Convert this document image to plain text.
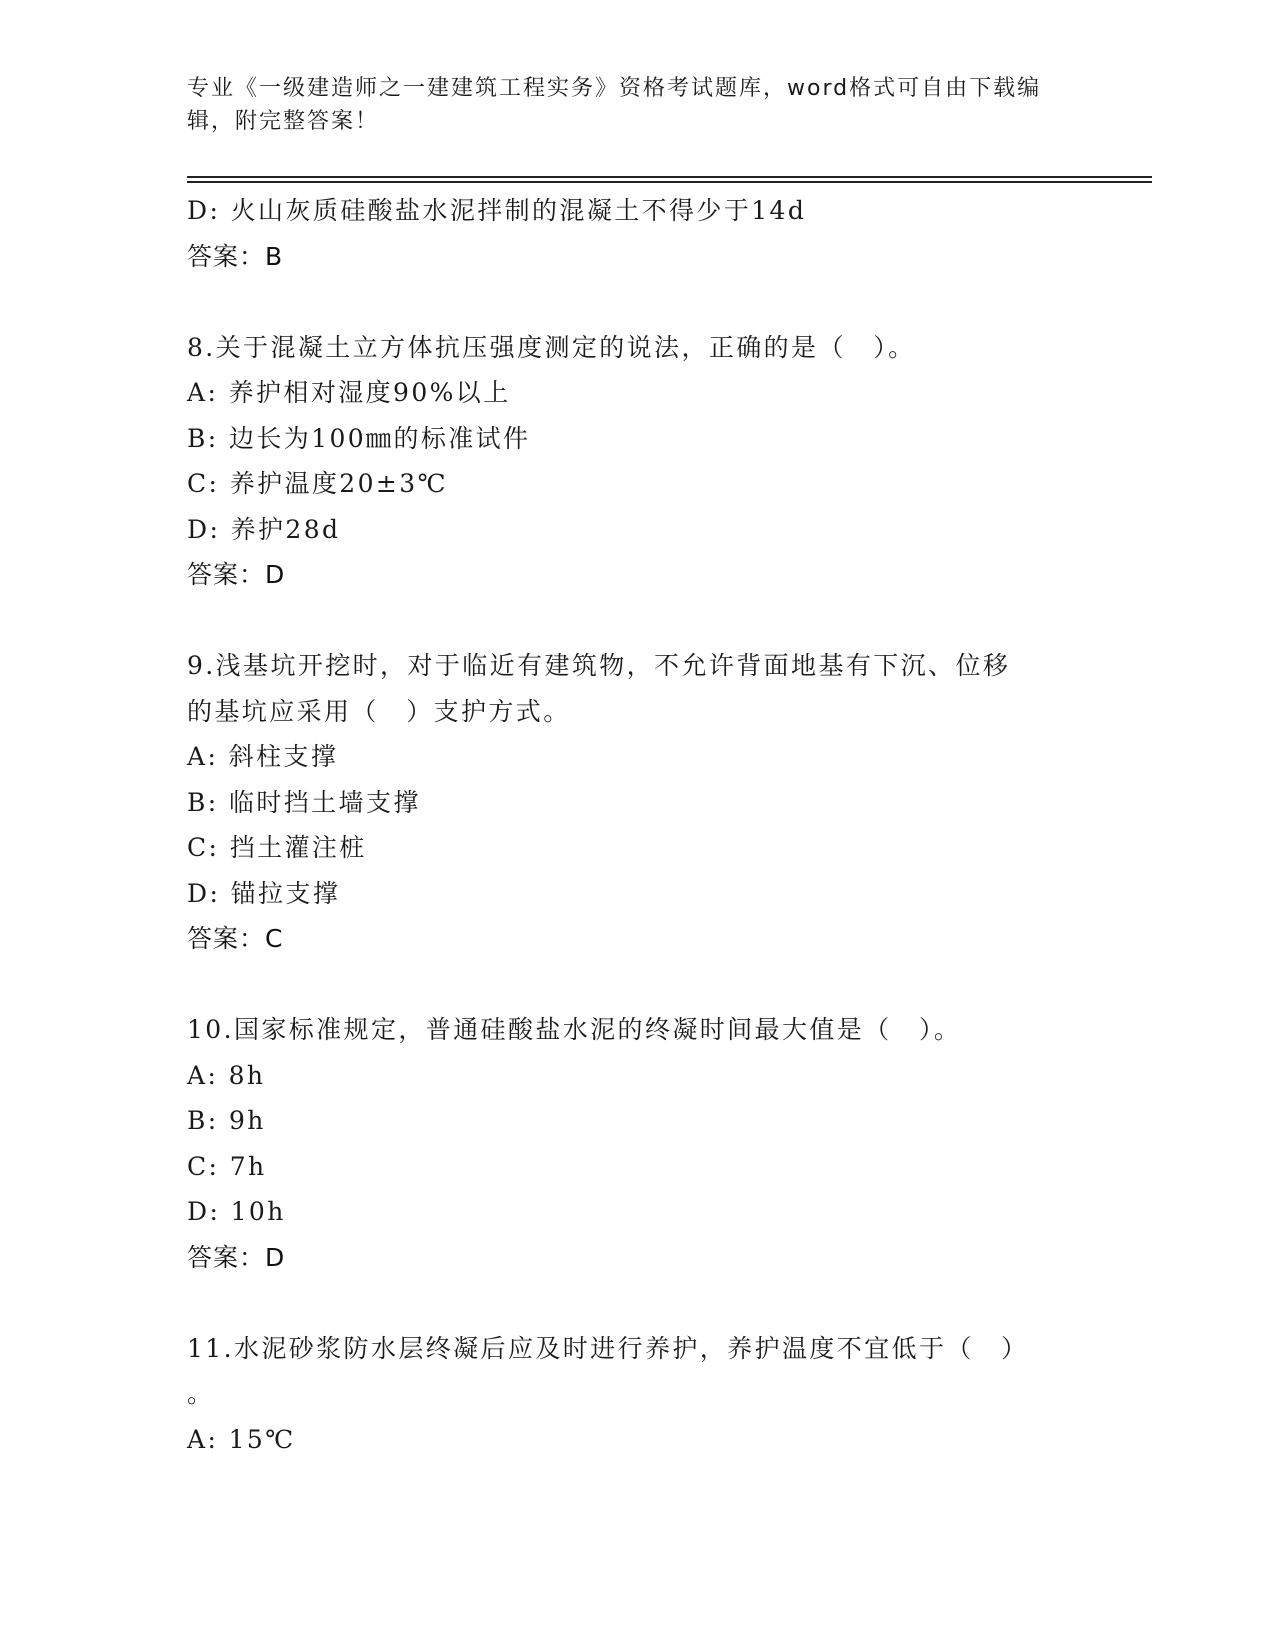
专业《一级建造师之一建建筑工程实务》资格考试题库，word格式可自由下载编辑，附完整答案！
D: 火山灰质硅酸盐水泥拌制的混凝土不得少于14d
答案：B
8.关于混凝土立方体抗压强度测定的说法，正确的是（　）。
A: 养护相对湿度90%以上
B: 边长为100㎜的标准试件
C: 养护温度20±3℃
D: 养护28d
答案：D
9.浅基坑开挖时，对于临近有建筑物，不允许背面地基有下沉、位移
的基坑应采用（　）支护方式。
A: 斜柱支撑
B: 临时挡土墙支撑
C: 挡土灌注桩
D: 锚拉支撑
答案：C
10.国家标准规定，普通硅酸盐水泥的终凝时间最大值是（　）。
A: 8h
B: 9h
C: 7h
D: 10h
答案：D
11.水泥砂浆防水层终凝后应及时进行养护，养护温度不宜低于（　）
。
A: 15℃
